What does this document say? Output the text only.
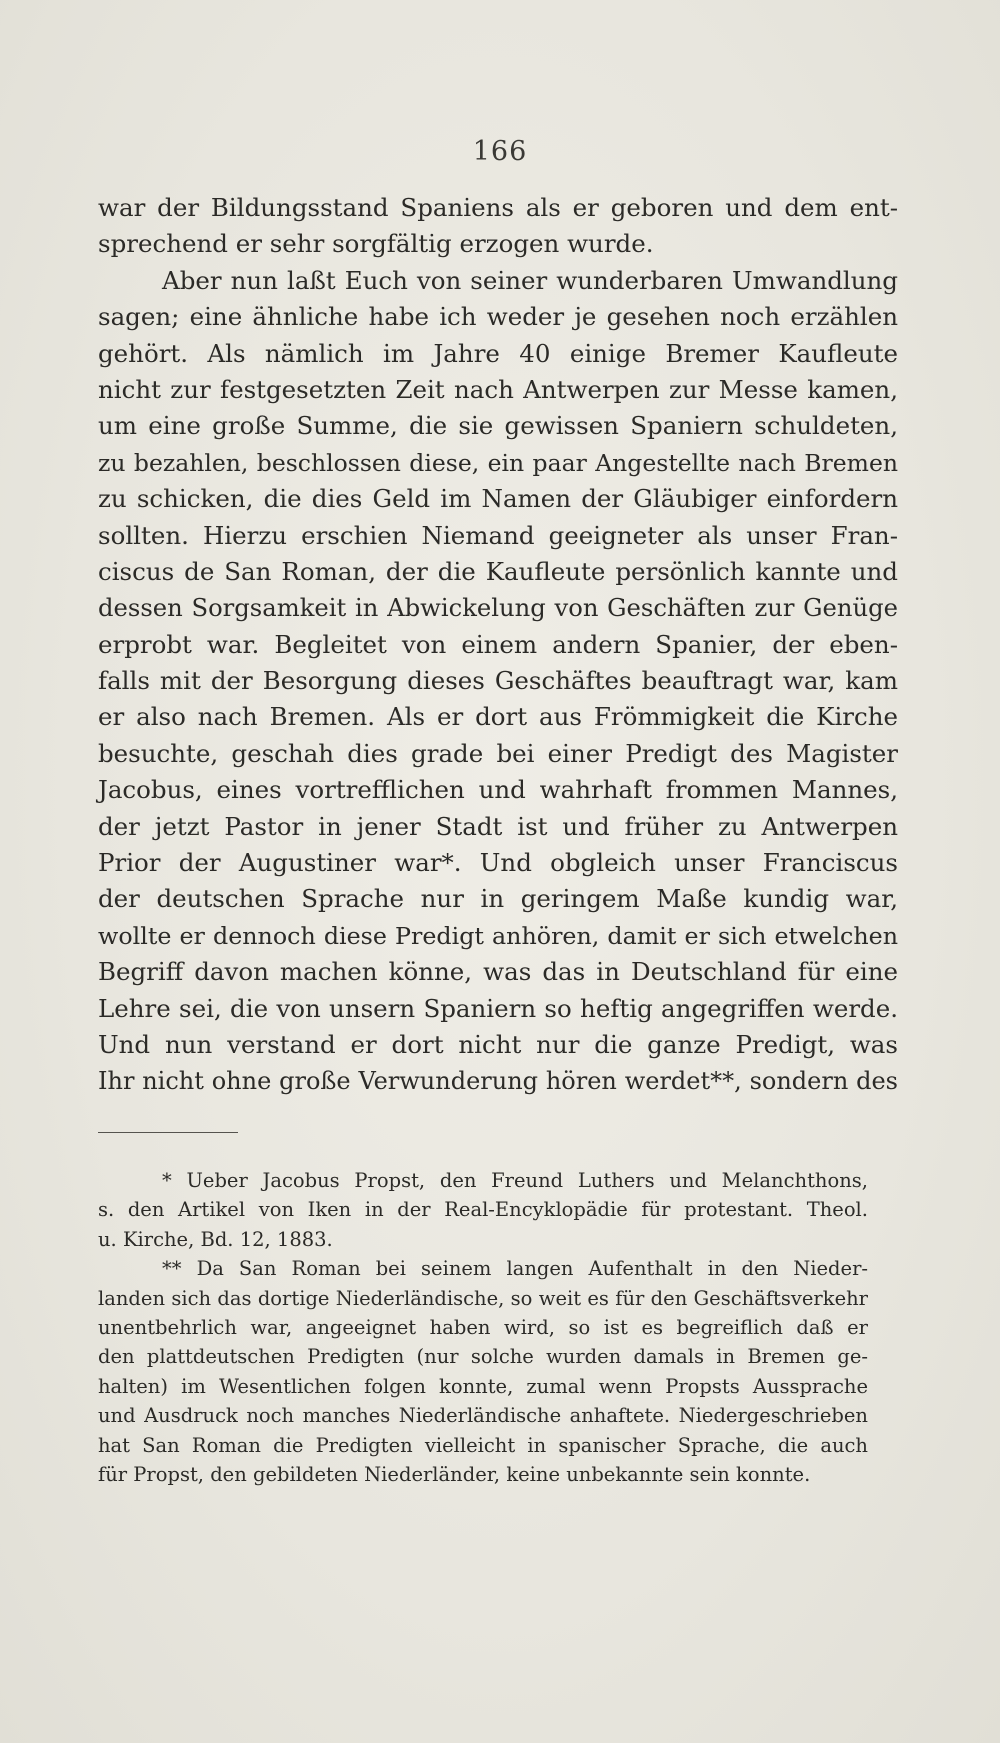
166
war der Bildungsstand Spaniens als er geboren und dem ent-
sprechend er sehr sorgfältig erzogen wurde.
Aber nun laßt Euch von seiner wunderbaren Umwandlung
sagen; eine ähnliche habe ich weder je gesehen noch erzählen
gehört. Als nämlich im Jahre 40 einige Bremer Kaufleute
nicht zur festgesetzten Zeit nach Antwerpen zur Messe kamen,
um eine große Summe, die sie gewissen Spaniern schuldeten,
zu bezahlen, beschlossen diese, ein paar Angestellte nach Bremen
zu schicken, die dies Geld im Namen der Gläubiger einfordern
sollten. Hierzu erschien Niemand geeigneter als unser Fran-
ciscus de San Roman, der die Kaufleute persönlich kannte und
dessen Sorgsamkeit in Abwickelung von Geschäften zur Genüge
erprobt war. Begleitet von einem andern Spanier, der eben-
falls mit der Besorgung dieses Geschäftes beauftragt war, kam
er also nach Bremen. Als er dort aus Frömmigkeit die Kirche
besuchte, geschah dies grade bei einer Predigt des Magister
Jacobus, eines vortrefflichen und wahrhaft frommen Mannes,
der jetzt Pastor in jener Stadt ist und früher zu Antwerpen
Prior der Augustiner war*. Und obgleich unser Franciscus
der deutschen Sprache nur in geringem Maße kundig war,
wollte er dennoch diese Predigt anhören, damit er sich etwelchen
Begriff davon machen könne, was das in Deutschland für eine
Lehre sei, die von unsern Spaniern so heftig angegriffen werde.
Und nun verstand er dort nicht nur die ganze Predigt, was
Ihr nicht ohne große Verwunderung hören werdet**, sondern des
* Ueber Jacobus Propst, den Freund Luthers und Melanchthons,
s. den Artikel von Iken in der Real-Encyklopädie für protestant. Theol.
u. Kirche, Bd. 12, 1883.
** Da San Roman bei seinem langen Aufenthalt in den Nieder-
landen sich das dortige Niederländische, so weit es für den Geschäftsverkehr
unentbehrlich war, angeeignet haben wird, so ist es begreiflich daß er
den plattdeutschen Predigten (nur solche wurden damals in Bremen ge-
halten) im Wesentlichen folgen konnte, zumal wenn Propsts Aussprache
und Ausdruck noch manches Niederländische anhaftete. Niedergeschrieben
hat San Roman die Predigten vielleicht in spanischer Sprache, die auch
für Propst, den gebildeten Niederländer, keine unbekannte sein konnte.
